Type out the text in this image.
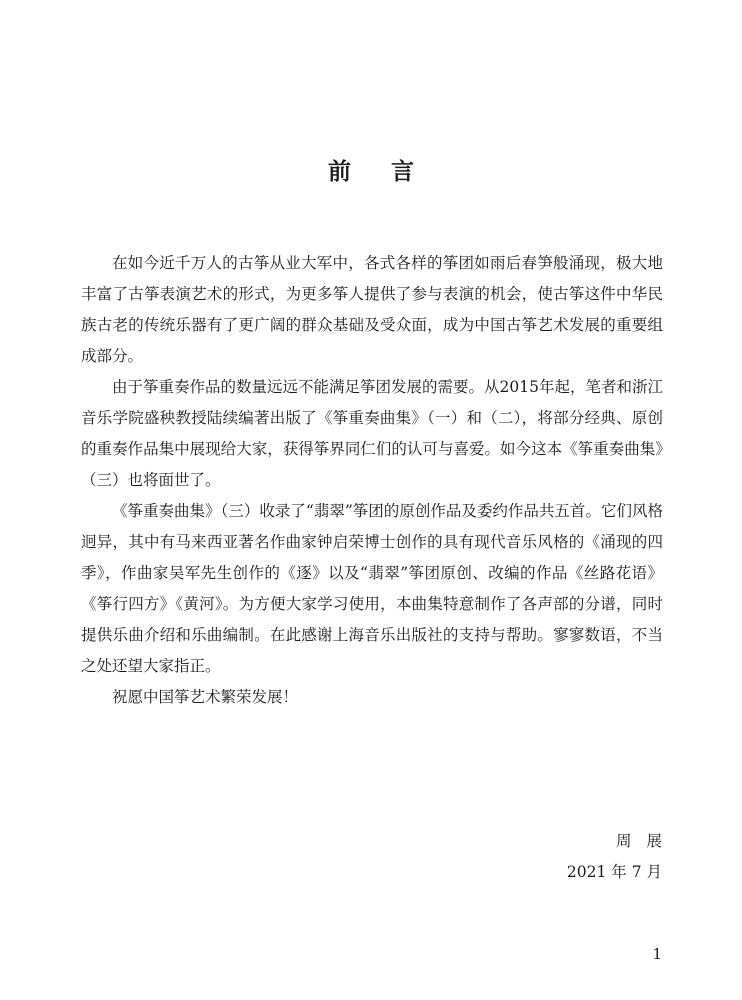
前言

在如今近千万人的古筝从业大军中，各式各样的筝团如雨后春笋般涌现，极大地丰富了古筝表演艺术的形式，为更多筝人提供了参与表演的机会，使古筝这件中华民族古老的传统乐器有了更广阔的群众基础及受众面，成为中国古筝艺术发展的重要组成部分。

由于筝重奏作品的数量远远不能满足筝团发展的需要。从2015年起，笔者和浙江音乐学院盛秧教授陆续编著出版了《筝重奏曲集》（一）和（二），将部分经典、原创的重奏作品集中展现给大家，获得筝界同仁们的认可与喜爱。如今这本《筝重奏曲集》（三）也将面世了。

《筝重奏曲集》（三）收录了“翡翠”筝团的原创作品及委约作品共五首。它们风格迥异，其中有马来西亚著名作曲家钟启荣博士创作的具有现代音乐风格的《涌现的四季》，作曲家吴军先生创作的《逐》以及“翡翠”筝团原创、改编的作品《丝路花语》《筝行四方》《黄河》。为方便大家学习使用，本曲集特意制作了各声部的分谱，同时提供乐曲介绍和乐曲编制。在此感谢上海音乐出版社的支持与帮助。寥寥数语，不当之处还望大家指正。

祝愿中国筝艺术繁荣发展！

周展
2021 年 7 月
1
